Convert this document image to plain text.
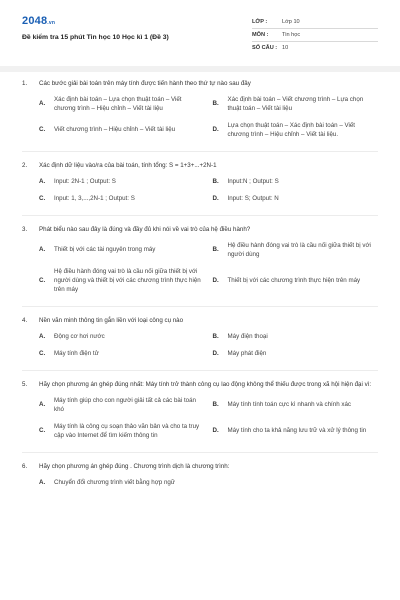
2048.vn
Đề kiểm tra 15 phút Tin học 10 Học kì 1 (Đề 3)
LỚP :	Lớp 10
MÔN :	Tin học
SỐ CÂU : 10
1.	Các bước giải bài toán trên máy tính được tiến hành theo thứ tự nào sau đây
A.
Xác định bài toán – Lựa chọn thuật toán – Viết chương trình – Hiệu chỉnh – Viết tài liệu
B.
Xác định bài toán – Viết chương trình – Lựa chọn thuật toán – Viết tài liệu
C.	Viết chương trình – Hiệu chỉnh – Viết tài liệu	D.
Lựa chọn thuật toán – Xác định bài toán – Viết chương trình – Hiệu chỉnh – Viết tài liệu.
2.	Xác định dữ liệu vào/ra của bài toán, tính tổng: S = 1+3+...+2N-1
A.	Input: 2N-1 ; Output: S	B.	Input:N ; Output: S
C.	Input: 1, 3,...,2N-1 ; Output: S	D.	Input: S; Output: N
3.	Phát biểu nào sau đây là đúng và đầy đủ khi nói về vai trò của hệ điều hành?
A.	Thiết bị với các tài nguyên trong máy	B.
Hệ điều hành đóng vai trò là cầu nối giữa thiết bị với người dùng
C.
Hệ điều hành đóng vai trò là cầu nối giữa thiết bị với người dùng và thiết bị với các chương trình thực hiện trên máy
D.	Thiết bị với các chương trình thực hiện trên máy
4.	Nền văn minh thông tin gắn liền với loại công cụ nào
A.	Động cơ hơi nước	B.	Máy điện thoại
C.	Máy tính điện tử	D.	Máy phát điện
5.	Hãy chọn phương án ghép đúng nhất: Máy tính trở thành công cụ lao động không thể thiếu được trong xã hội hiện đại vì:
A.
Máy tính giúp cho con người giải tất cả các bài toán khó
B.	Máy tính tính toán cực kì nhanh và chính xác
C.
Máy tính là công cụ soạn thảo văn bản và cho ta truy cập vào Internet để tìm kiếm thông tin
D.	Máy tính cho ta khả năng lưu trữ và xử lý thông tin
6.	Hãy chọn phương án ghép đúng . Chương trình dịch là chương trình:
A.	Chuyển đổi chương trình viết bằng hợp ngữ
